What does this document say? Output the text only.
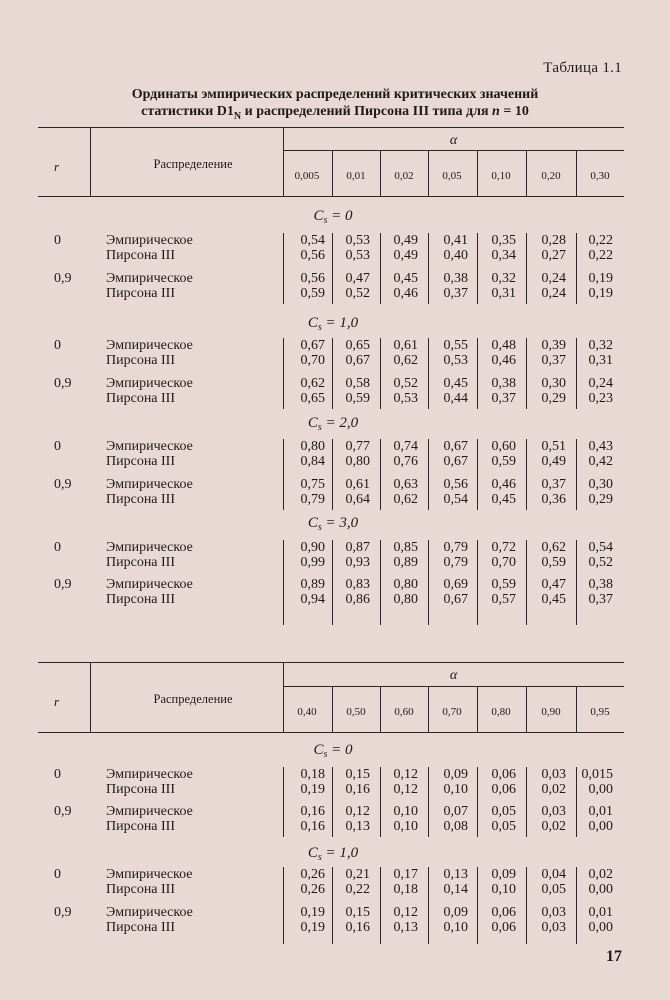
Таблица 1.1
Ординаты эмпирических распределений критических значений
статистики $D1_N$ и распределений Пирсона III типа для n = 10
17
r	Распределение
α
0,005	0,01	0,02	0,05	0,10	0,20	0,30
$C_s = 0$
0	Эмпирическое	0,54 0,53 0,49 0,41 0,35 0,28 0,22
Пирсона III	0,56 0,53 0,49 0,40 0,34 0,27 0,22
0,9 Эмпирическое	0,56 0,47 0,45 0,38 0,32 0,24 0,19
Пирсона III	0,59 0,52 0,46 0,37 0,31 0,24 0,19
$C_s = 1,0$
0	Эмпирическое	0,67 0,65 0,61 0,55 0,48 0,39 0,32
Пирсона III	0,70 0,67 0,62 0,53 0,46 0,37 0,31
0,9 Эмпирическое	0,62 0,58 0,52 0,45 0,38 0,30 0,24
Пирсона III	0,65 0,59 0,53 0,44 0,37 0,29 0,23
$C_s = 2,0$
0	Эмпирическое	0,80 0,77 0,74 0,67 0,60 0,51 0,43
Пирсона III	0,84 0,80 0,76 0,67 0,59 0,49 0,42
0,9 Эмпирическое	0,75 0,61 0,63 0,56 0,46 0,37 0,30
Пирсона III	0,79 0,64 0,62 0,54 0,45 0,36 0,29
$C_s = 3,0$
0	Эмпирическое	0,90 0,87 0,85 0,79 0,72 0,62 0,54
Пирсона III	0,99 0,93 0,89 0,79 0,70 0,59 0,52
0,9 Эмпирическое	0,89 0,83 0,80 0,69 0,59 0,47 0,38
Пирсона III	0,94 0,86 0,80 0,67 0,57 0,45 0,37
r	Распределение
α
0,40	0,50	0,60	0,70	0,80	0,90	0,95
$C_s = 0$
0	Эмпирическое	0,18 0,15 0,12 0,09 0,06 0,03 0,015
Пирсона III	0,19 0,16 0,12 0,10 0,06 0,02 0,00
0,9 Эмпирическое	0,16 0,12 0,10 0,07 0,05 0,03 0,01
Пирсона III	0,16 0,13 0,10 0,08 0,05 0,02 0,00
$C_s = 1,0$
0	Эмпиричecкое	0,26 0,21 0,17 0,13 0,09 0,04 0,02
Пирсона III	0,26 0,22 0,18 0,14 0,10 0,05 0,00
0,9 Эмпирическое	0,19 0,15 0,12 0,09 0,06 0,03 0,01
Пирсона III	0,19 0,16 0,13 0,10 0,06 0,03 0,00
